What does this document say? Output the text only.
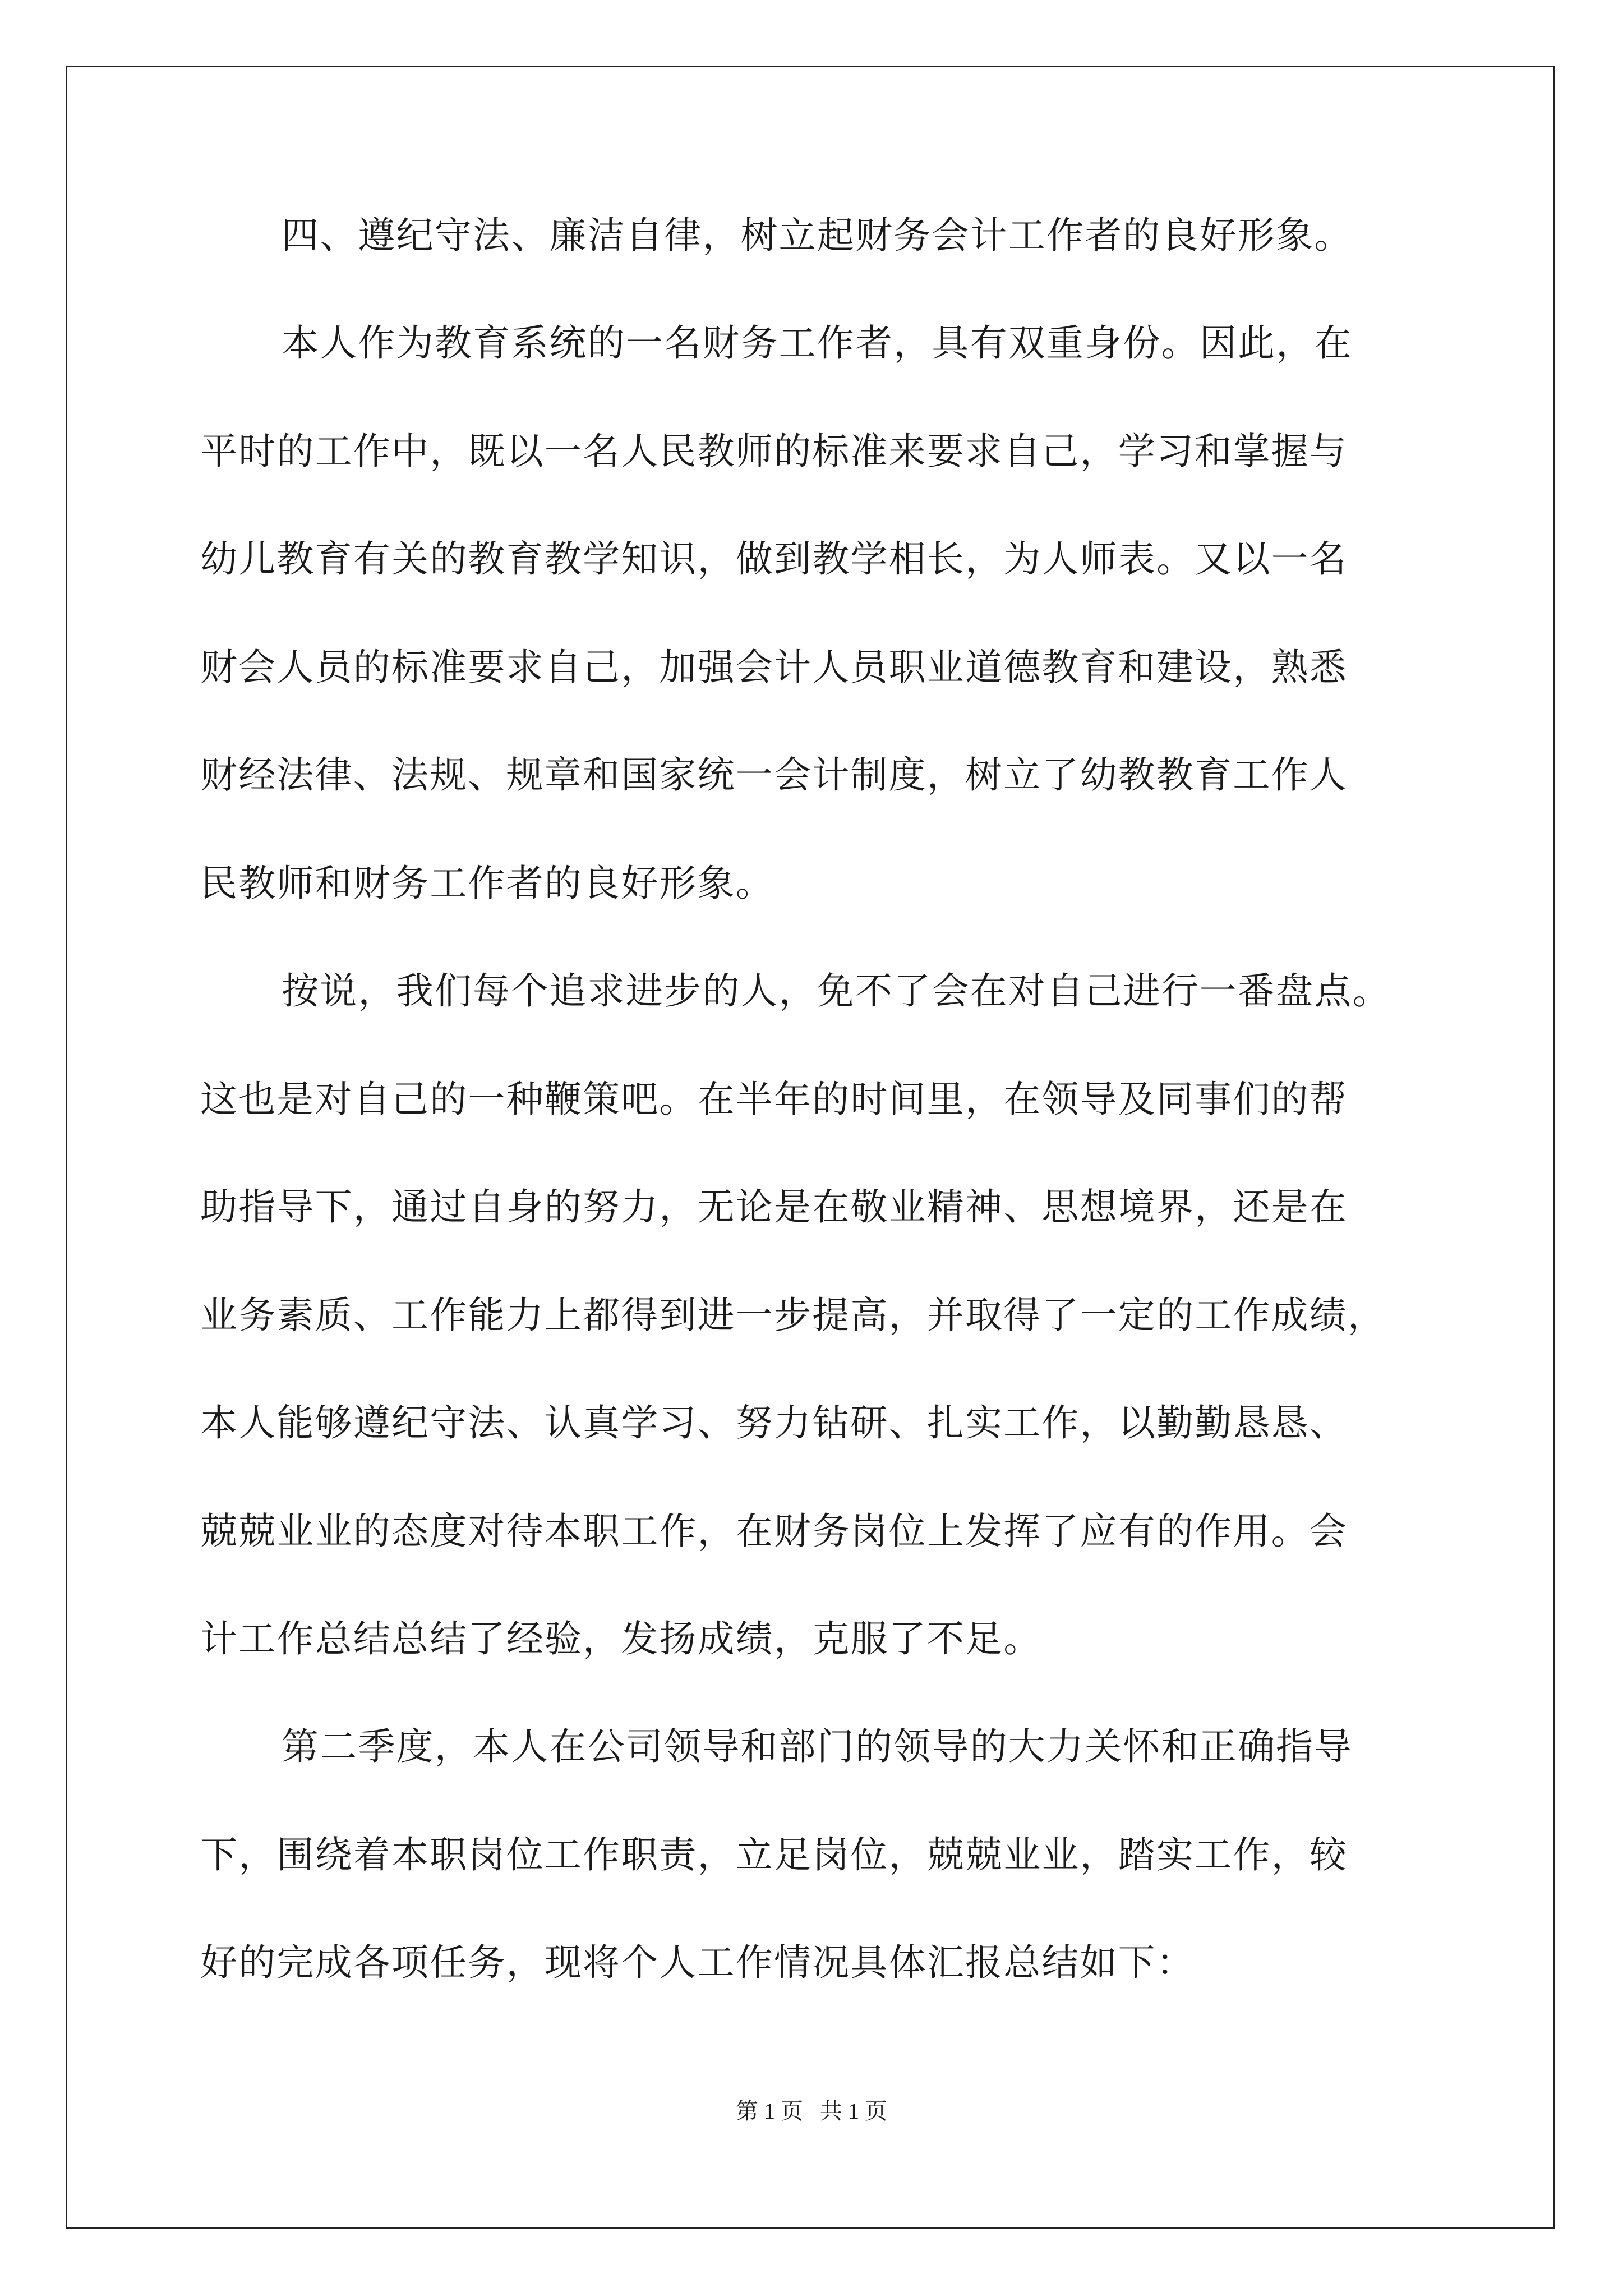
四、遵纪守法、廉洁自律，树立起财务会计工作者的良好形象。

本人作为教育系统的一名财务工作者，具有双重身份。因此，在

平时的工作中，既以一名人民教师的标准来要求自己，学习和掌握与

幼儿教育有关的教育教学知识，做到教学相长，为人师表。又以一名

财会人员的标准要求自己，加强会计人员职业道德教育和建设，熟悉

财经法律、法规、规章和国家统一会计制度，树立了幼教教育工作人

民教师和财务工作者的良好形象。

按说，我们每个追求进步的人，免不了会在对自己进行一番盘点。

这也是对自己的一种鞭策吧。在半年的时间里，在领导及同事们的帮

助指导下，通过自身的努力，无论是在敬业精神、思想境界，还是在

业务素质、工作能力上都得到进一步提高，并取得了一定的工作成绩，

本人能够遵纪守法、认真学习、努力钻研、扎实工作，以勤勤恳恳、

兢兢业业的态度对待本职工作，在财务岗位上发挥了应有的作用。会

计工作总结总结了经验，发扬成绩，克服了不足。

第二季度，本人在公司领导和部门的领导的大力关怀和正确指导

下，围绕着本职岗位工作职责，立足岗位，兢兢业业，踏实工作，较

好的完成各项任务，现将个人工作情况具体汇报总结如下：

第 1 页   共 1 页
